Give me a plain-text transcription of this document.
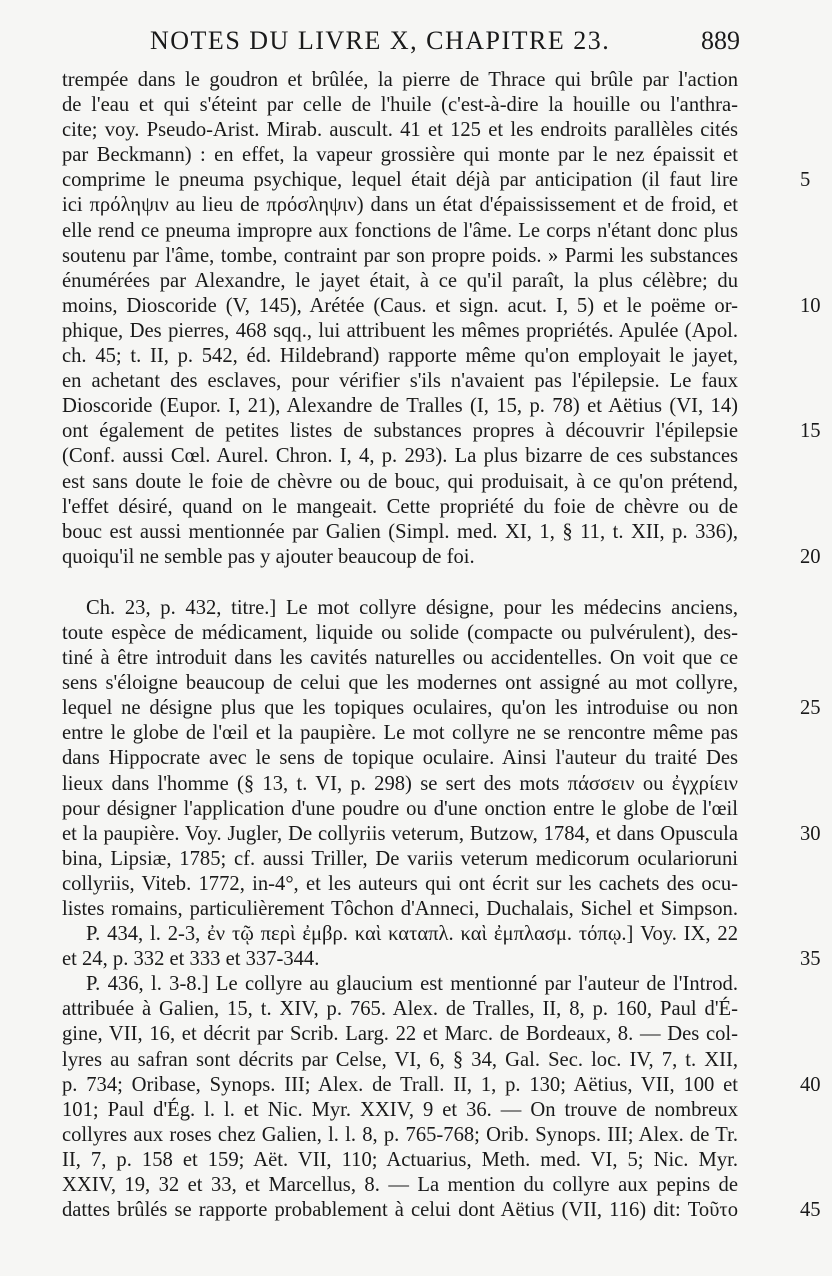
NOTES DU LIVRE X, CHAPITRE 23.	889
trempée dans le goudron et brûlée, la pierre de Thrace qui brûle par l'action
de l'eau et qui s'éteint par celle de l'huile (c'est-à-dire la houille ou l'anthra-
cite; voy. Pseudo-Arist. Mirab. auscult. 41 et 125 et les endroits parallèles cités
par Beckmann) : en effet, la vapeur grossière qui monte par le nez épaissit et
comprime le pneuma psychique, lequel était déjà par anticipation (il faut lire	5
ici πρόληψιν au lieu de πρόσληψιν) dans un état d'épaississement et de froid, et
elle rend ce pneuma impropre aux fonctions de l'âme. Le corps n'étant donc plus
soutenu par l'âme, tombe, contraint par son propre poids. » Parmi les substances
énumérées par Alexandre, le jayet était, à ce qu'il paraît, la plus célèbre; du
moins, Dioscoride (V, 145), Arétée (Caus. et sign. acut. I, 5) et le poëme or-	10
phique, Des pierres, 468 sqq., lui attribuent les mêmes propriétés. Apulée (Apol.
ch. 45; t. II, p. 542, éd. Hildebrand) rapporte même qu'on employait le jayet,
en achetant des esclaves, pour vérifier s'ils n'avaient pas l'épilepsie. Le faux
Dioscoride (Eupor. I, 21), Alexandre de Tralles (I, 15, p. 78) et Aëtius (VI, 14)
ont également de petites listes de substances propres à découvrir l'épilepsie	15
(Conf. aussi Cœl. Aurel. Chron. I, 4, p. 293). La plus bizarre de ces substances
est sans doute le foie de chèvre ou de bouc, qui produisait, à ce qu'on prétend,
l'effet désiré, quand on le mangeait. Cette propriété du foie de chèvre ou de
bouc est aussi mentionnée par Galien (Simpl. med. XI, 1, § 11, t. XII, p. 336),
quoiqu'il ne semble pas y ajouter beaucoup de foi.	20
Ch. 23, p. 432, titre.] Le mot collyre désigne, pour les médecins anciens,
toute espèce de médicament, liquide ou solide (compacte ou pulvérulent), des-
tiné à être introduit dans les cavités naturelles ou accidentelles. On voit que ce
sens s'éloigne beaucoup de celui que les modernes ont assigné au mot collyre,
lequel ne désigne plus que les topiques oculaires, qu'on les introduise ou non	25
entre le globe de l'œil et la paupière. Le mot collyre ne se rencontre même pas
dans Hippocrate avec le sens de topique oculaire. Ainsi l'auteur du traité Des
lieux dans l'homme (§ 13, t. VI, p. 298) se sert des mots πάσσειν ou ἐγχρίειν
pour désigner l'application d'une poudre ou d'une onction entre le globe de l'œil
et la paupière. Voy. Jugler, De collyriis veterum, Butzow, 1784, et dans Opuscula	30
bina, Lipsiæ, 1785; cf. aussi Triller, De variis veterum medicorum ocularioruni
collyriis, Viteb. 1772, in-4°, et les auteurs qui ont écrit sur les cachets des ocu-
listes romains, particulièrement Tôchon d'Anneci, Duchalais, Sichel et Simpson.
P. 434, l. 2-3, ἐν τῷ περὶ ἐμβρ. καὶ καταπλ. καὶ ἐμπλασμ. τόπῳ.] Voy. IX, 22
et 24, p. 332 et 333 et 337-344.	35
P. 436, l. 3-8.] Le collyre au glaucium est mentionné par l'auteur de l'Introd.
attribuée à Galien, 15, t. XIV, p. 765. Alex. de Tralles, II, 8, p. 160, Paul d'É-
gine, VII, 16, et décrit par Scrib. Larg. 22 et Marc. de Bordeaux, 8. — Des col-
lyres au safran sont décrits par Celse, VI, 6, § 34, Gal. Sec. loc. IV, 7, t. XII,
p. 734; Oribase, Synops. III; Alex. de Trall. II, 1, p. 130; Aëtius, VII, 100 et	40
101; Paul d'Ég. l. l. et Nic. Myr. XXIV, 9 et 36. — On trouve de nombreux
collyres aux roses chez Galien, l. l. 8, p. 765-768; Orib. Synops. III; Alex. de Tr.
II, 7, p. 158 et 159; Aët. VII, 110; Actuarius, Meth. med. VI, 5; Nic. Myr.
XXIV, 19, 32 et 33, et Marcellus, 8. — La mention du collyre aux pepins de
dattes brûlés se rapporte probablement à celui dont Aëtius (VII, 116) dit: Τοῦτο	45
